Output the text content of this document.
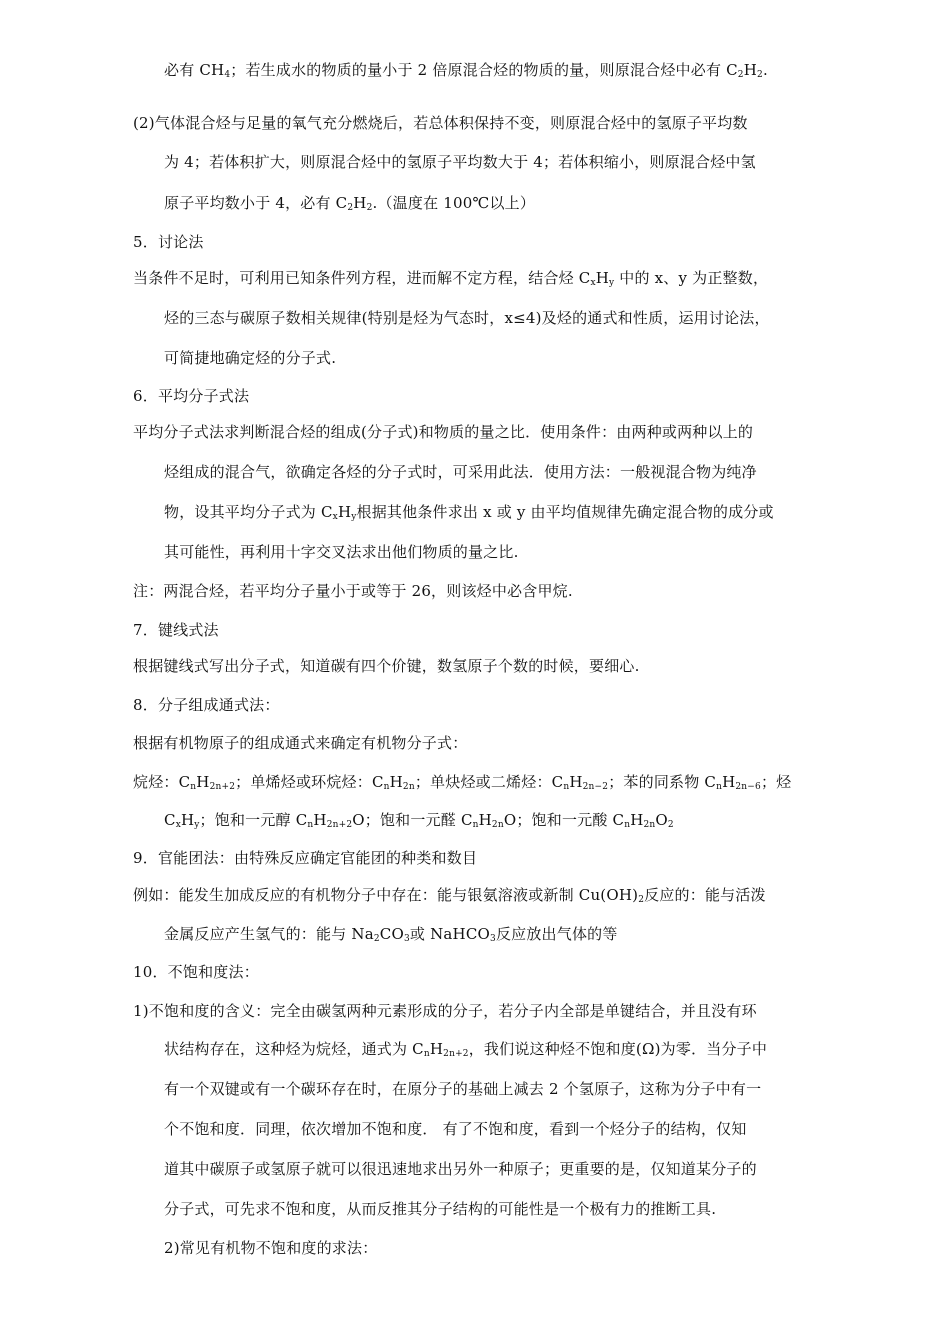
必有 $CH_4$；若生成水的物质的量小于 2 倍原混合烃的物质的量，则原混合烃中必有 $C_2H_2$.
(2)气体混合烃与足量的氧气充分燃烧后，若总体积保持不变，则原混合烃中的氢原子平均数
为 4；若体积扩大，则原混合烃中的氢原子平均数大于 4；若体积缩小，则原混合烃中氢
原子平均数小于 4，必有 $C_2H_2$.（温度在 100℃以上）
5．讨论法
当条件不足时，可利用已知条件列方程，进而解不定方程，结合烃 $C_xH_y$ 中的 x、y 为正整数，
烃的三态与碳原子数相关规律(特别是烃为气态时，x≤4)及烃的通式和性质，运用讨论法，
可简捷地确定烃的分子式.
6．平均分子式法
平均分子式法求判断混合烃的组成(分子式)和物质的量之比．使用条件：由两种或两种以上的
烃组成的混合气，欲确定各烃的分子式时，可采用此法．使用方法：一般视混合物为纯净
物，设其平均分子式为 $C_xH_y$根据其他条件求出 x 或 y 由平均值规律先确定混合物的成分或
其可能性，再利用十字交叉法求出他们物质的量之比.
注：两混合烃，若平均分子量小于或等于 26，则该烃中必含甲烷.
7．键线式法
根据键线式写出分子式，知道碳有四个价键，数氢原子个数的时候，要细心.
8．分子组成通式法：
根据有机物原子的组成通式来确定有机物分子式：
烷烃：$C_nH_{2n+2}$；单烯烃或环烷烃：$C_nH_{2n}$；单炔烃或二烯烃：$C_nH_{2n-2}$；苯的同系物 $C_nH_{2n-6}$；烃
$C_xH_y$；饱和一元醇 $C_nH_{2n+2}O$；饱和一元醛 $C_nH_{2n}O$；饱和一元酸 $C_nH_{2n}O_2$
9．官能团法：由特殊反应确定官能团的种类和数目
例如：能发生加成反应的有机物分子中存在：能与银氨溶液或新制 $Cu(OH)_2$反应的：能与活泼
金属反应产生氢气的：能与 $Na_2CO_3$或 NaHCO$_3$反应放出气体的等
10．不饱和度法：
1)不饱和度的含义：完全由碳氢两种元素形成的分子，若分子内全部是单键结合，并且没有环
状结构存在，这种烃为烷烃，通式为 $C_nH_{2n+2}$，我们说这种烃不饱和度(Ω)为零．当分子中
有一个双键或有一个碳环存在时，在原分子的基础上减去 2 个氢原子，这称为分子中有一
个不饱和度．同理，依次增加不饱和度． 有了不饱和度，看到一个烃分子的结构，仅知
道其中碳原子或氢原子就可以很迅速地求出另外一种原子；更重要的是，仅知道某分子的
分子式，可先求不饱和度，从而反推其分子结构的可能性是一个极有力的推断工具.
2)常见有机物不饱和度的求法：
